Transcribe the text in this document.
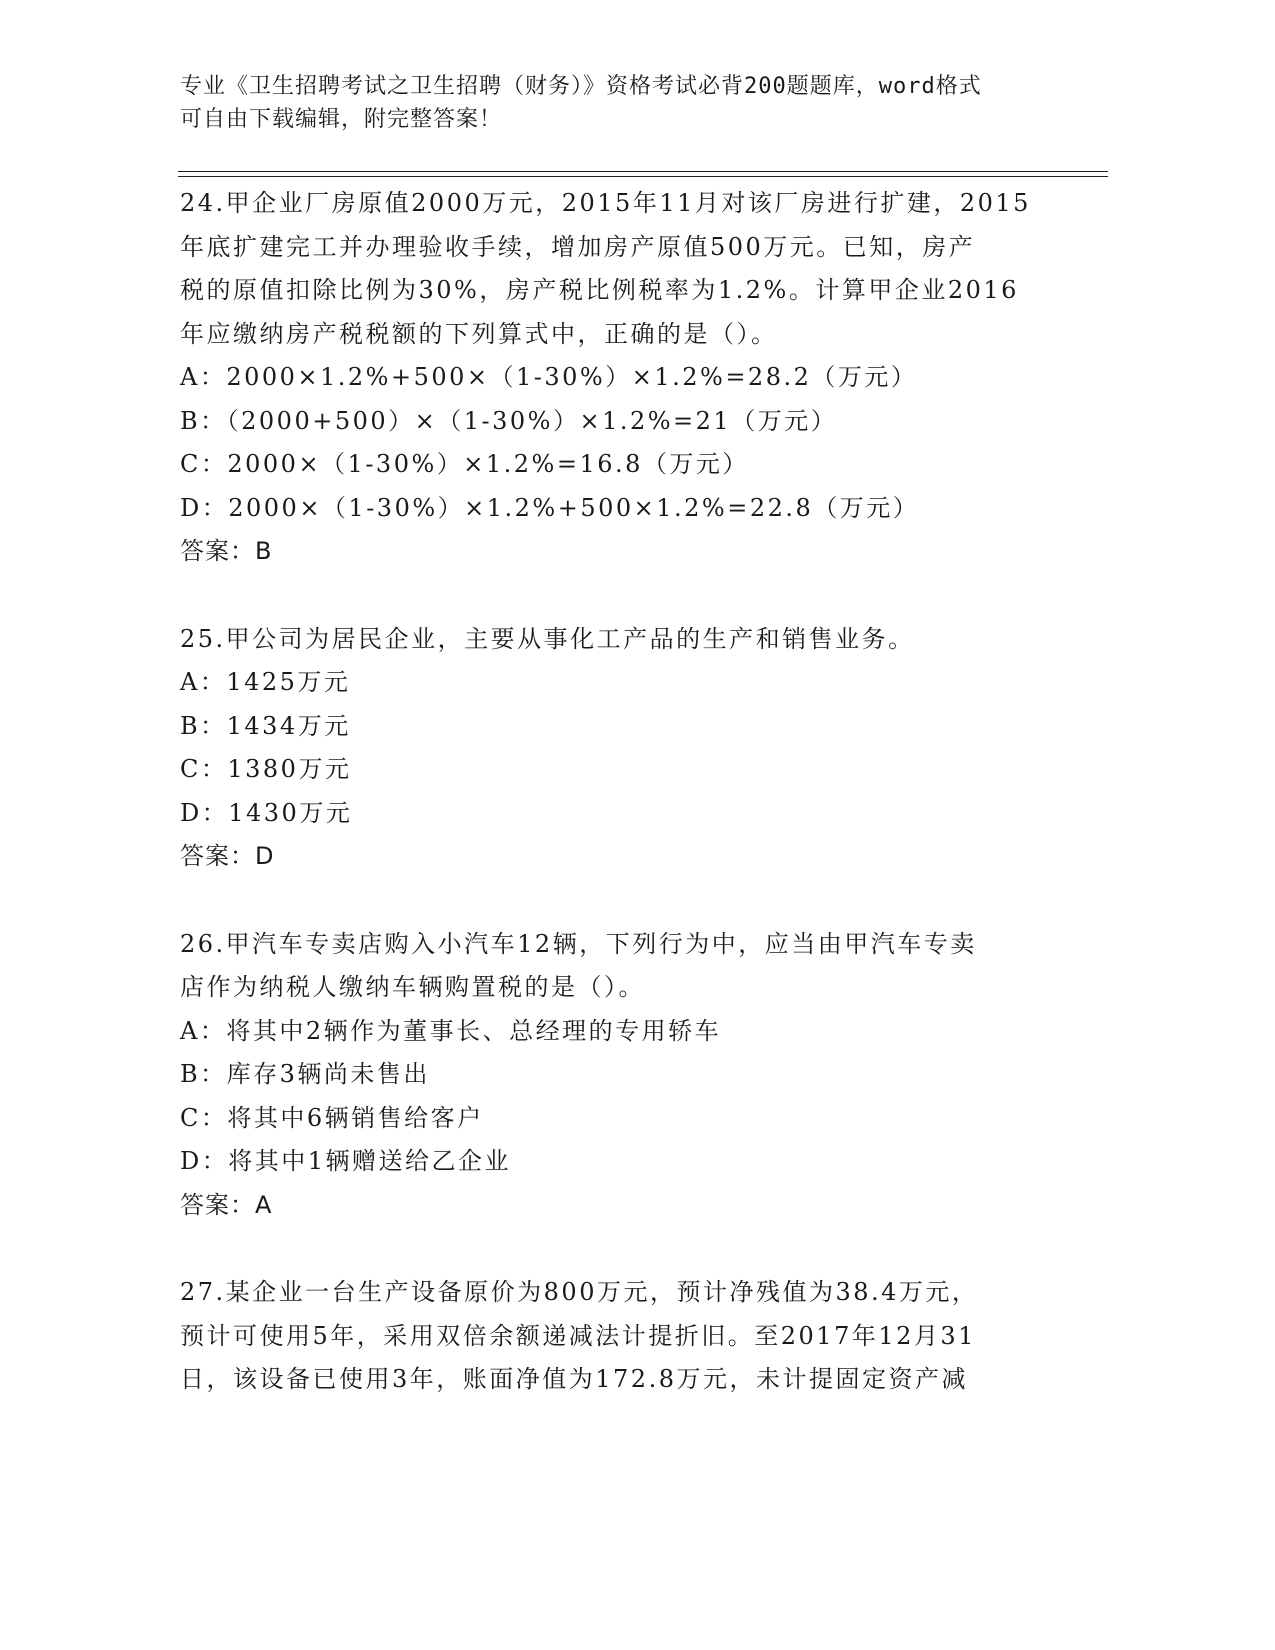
专业《卫生招聘考试之卫生招聘（财务）》资格考试必背200题题库，word格式
可自由下载编辑，附完整答案！
24.甲企业厂房原值2000万元，2015年11月对该厂房进行扩建，2015
年底扩建完工并办理验收手续，增加房产原值500万元。已知，房产
税的原值扣除比例为30%，房产税比例税率为1.2%。计算甲企业2016
年应缴纳房产税税额的下列算式中，正确的是（）。
A：2000×1.2%+500×（1-30%）×1.2%=28.2（万元）
B：（2000+500）×（1-30%）×1.2%=21（万元）
C：2000×（1-30%）×1.2%=16.8（万元）
D：2000×（1-30%）×1.2%+500×1.2%=22.8（万元）
答案：B
25.甲公司为居民企业，主要从事化工产品的生产和销售业务。
A：1425万元
B：1434万元
C：1380万元
D：1430万元
答案：D
26.甲汽车专卖店购入小汽车12辆，下列行为中，应当由甲汽车专卖
店作为纳税人缴纳车辆购置税的是（）。
A：将其中2辆作为董事长、总经理的专用轿车
B：库存3辆尚未售出
C：将其中6辆销售给客户
D：将其中1辆赠送给乙企业
答案：A
27.某企业一台生产设备原价为800万元，预计净残值为38.4万元，
预计可使用5年，采用双倍余额递减法计提折旧。至2017年12月31
日，该设备已使用3年，账面净值为172.8万元，未计提固定资产减
